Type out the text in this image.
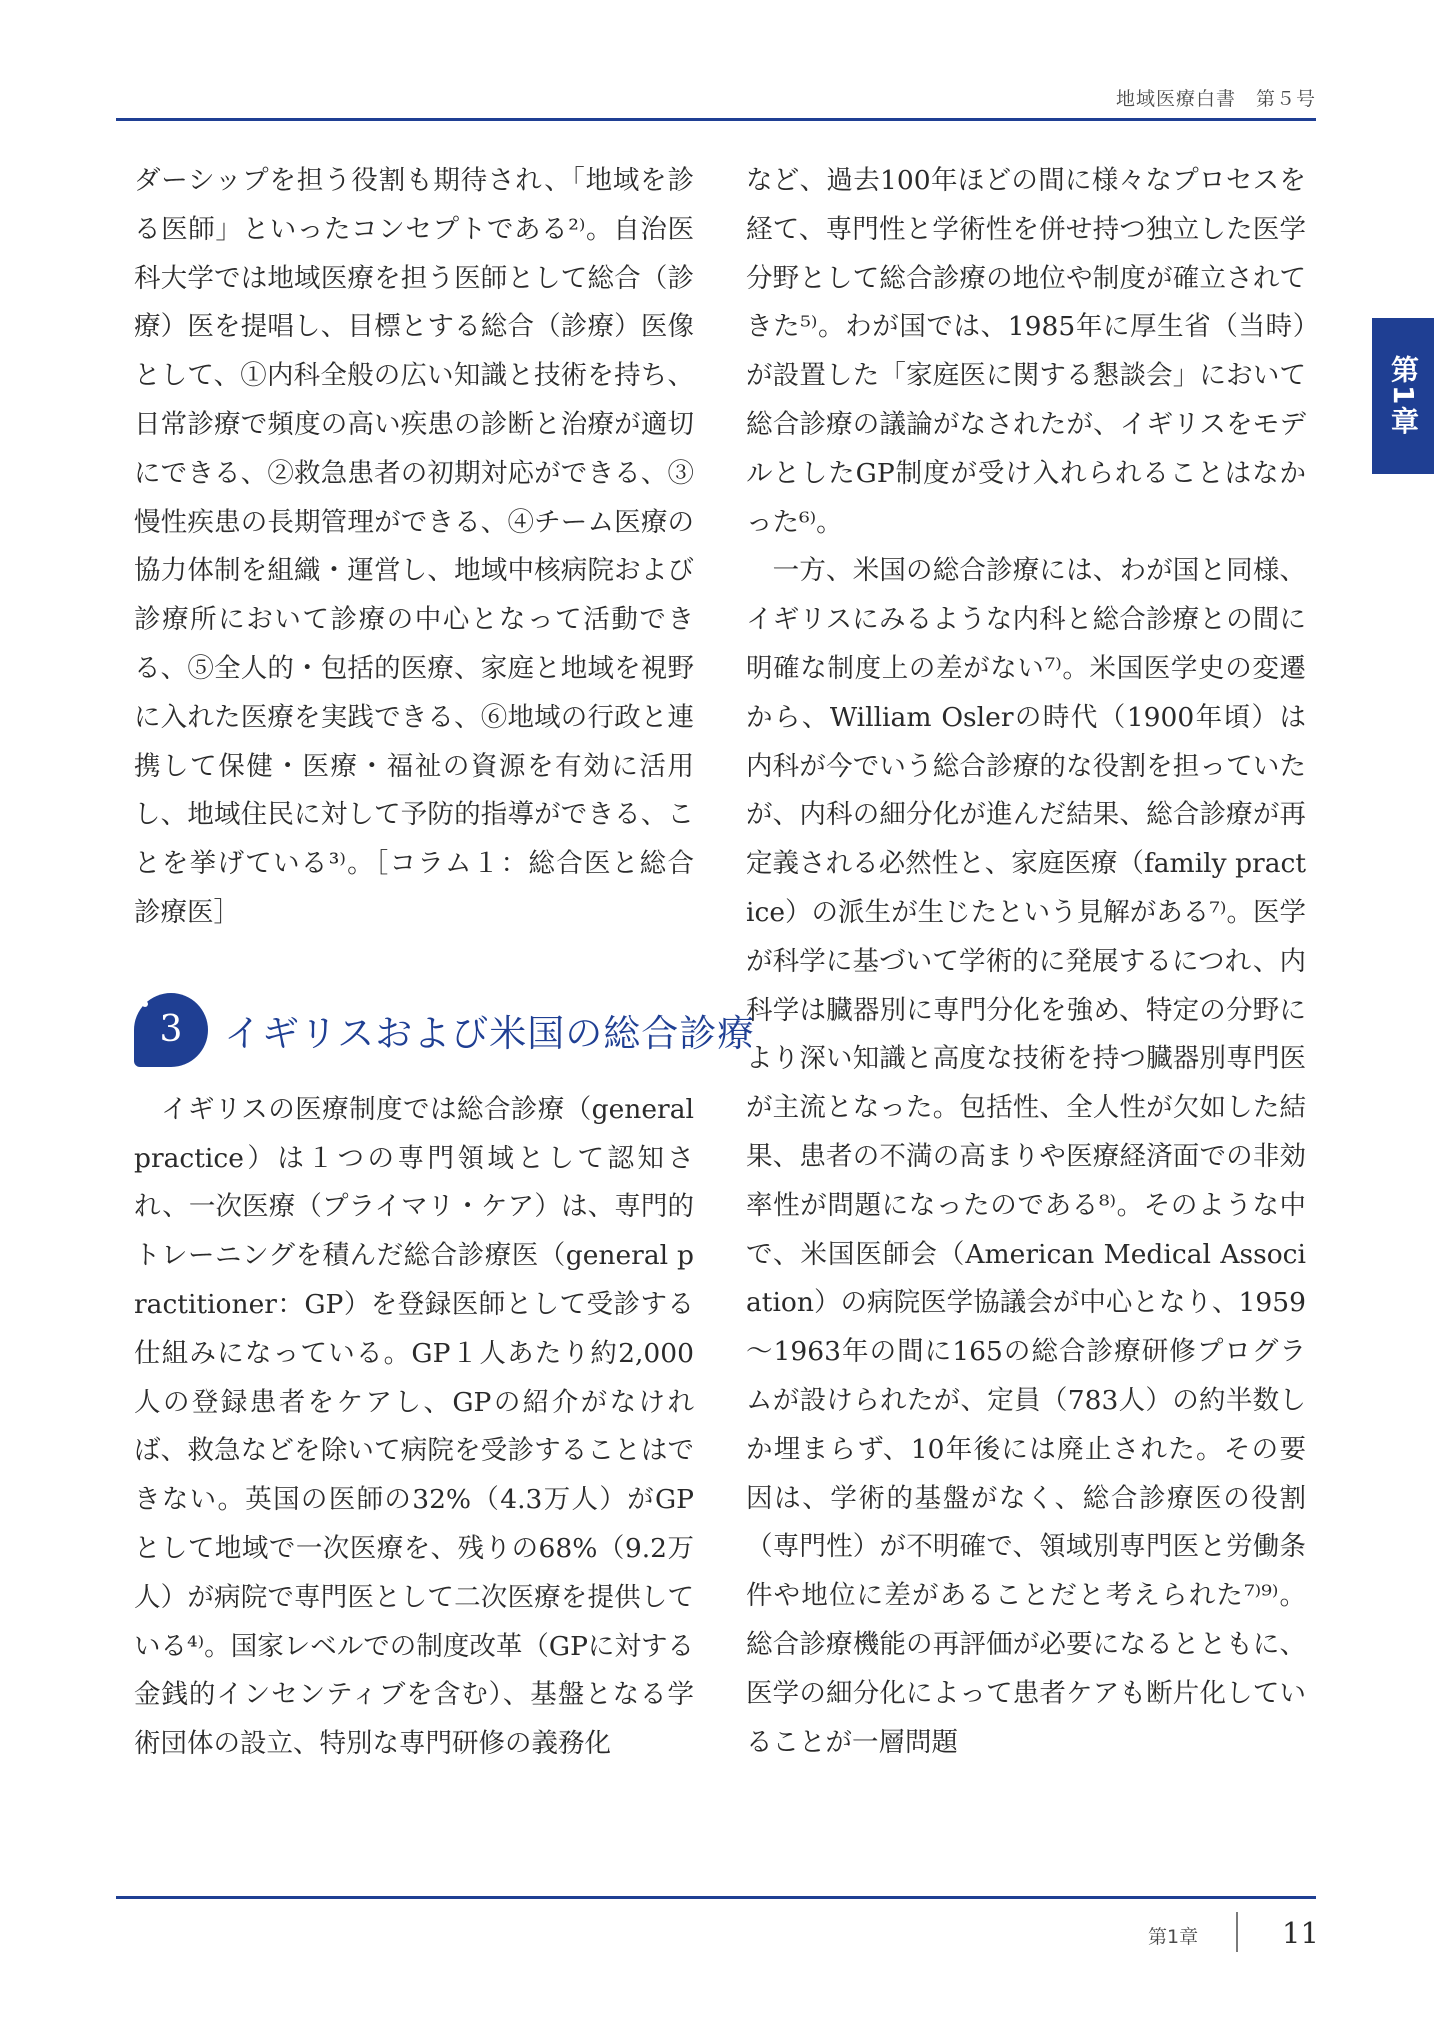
地域医療白書　第５号
第1章

ダーシップを担う役割も期待され、「地域を診る医師」といったコンセプトである²⁾。自治医科大学では地域医療を担う医師として総合（診療）医を提唱し、目標とする総合（診療）医像として、①内科全般の広い知識と技術を持ち、日常診療で頻度の高い疾患の診断と治療が適切にできる、②救急患者の初期対応ができる、③慢性疾患の長期管理ができる、④チーム医療の協力体制を組織・運営し、地域中核病院および診療所において診療の中心となって活動できる、⑤全人的・包括的医療、家庭と地域を視野に入れた医療を実践できる、⑥地域の行政と連携して保健・医療・福祉の資源を有効に活用し、地域住民に対して予防的指導ができる、ことを挙げている³⁾。［コラム１：総合医と総合診療医］

3	イギリスおよび米国の総合診療

　イギリスの医療制度では総合診療（general practice）は１つの専門領域として認知され、一次医療（プライマリ・ケア）は、専門的トレーニングを積んだ総合診療医（general practitioner：GP）を登録医師として受診する仕組みになっている。GP１人あたり約2,000人の登録患者をケアし、GPの紹介がなければ、救急などを除いて病院を受診することはできない。英国の医師の32%（4.3万人）がGPとして地域で一次医療を、残りの68%（9.2万人）が病院で専門医として二次医療を提供している⁴⁾。国家レベルでの制度改革（GPに対する金銭的インセンティブを含む）、基盤となる学術団体の設立、特別な専門研修の義務化

など、過去100年ほどの間に様々なプロセスを経て、専門性と学術性を併せ持つ独立した医学分野として総合診療の地位や制度が確立されてきた⁵⁾。わが国では、1985年に厚生省（当時）が設置した「家庭医に関する懇談会」において総合診療の議論がなされたが、イギリスをモデルとしたGP制度が受け入れられることはなかった⁶⁾。

　一方、米国の総合診療には、わが国と同様、イギリスにみるような内科と総合診療との間に明確な制度上の差がない⁷⁾。米国医学史の変遷から、William Oslerの時代（1900年頃）は内科が今でいう総合診療的な役割を担っていたが、内科の細分化が進んだ結果、総合診療が再定義される必然性と、家庭医療（family practice）の派生が生じたという見解がある⁷⁾。医学が科学に基づいて学術的に発展するにつれ、内科学は臓器別に専門分化を強め、特定の分野により深い知識と高度な技術を持つ臓器別専門医が主流となった。包括性、全人性が欠如した結果、患者の不満の高まりや医療経済面での非効率性が問題になったのである⁸⁾。そのような中で、米国医師会（American Medical Association）の病院医学協議会が中心となり、1959～1963年の間に165の総合診療研修プログラムが設けられたが、定員（783人）の約半数しか埋まらず、10年後には廃止された。その要因は、学術的基盤がなく、総合診療医の役割（専門性）が不明確で、領域別専門医と労働条件や地位に差があることだと考えられた⁷⁾⁹⁾。総合診療機能の再評価が必要になるとともに、医学の細分化によって患者ケアも断片化していることが一層問題

第1章	11
